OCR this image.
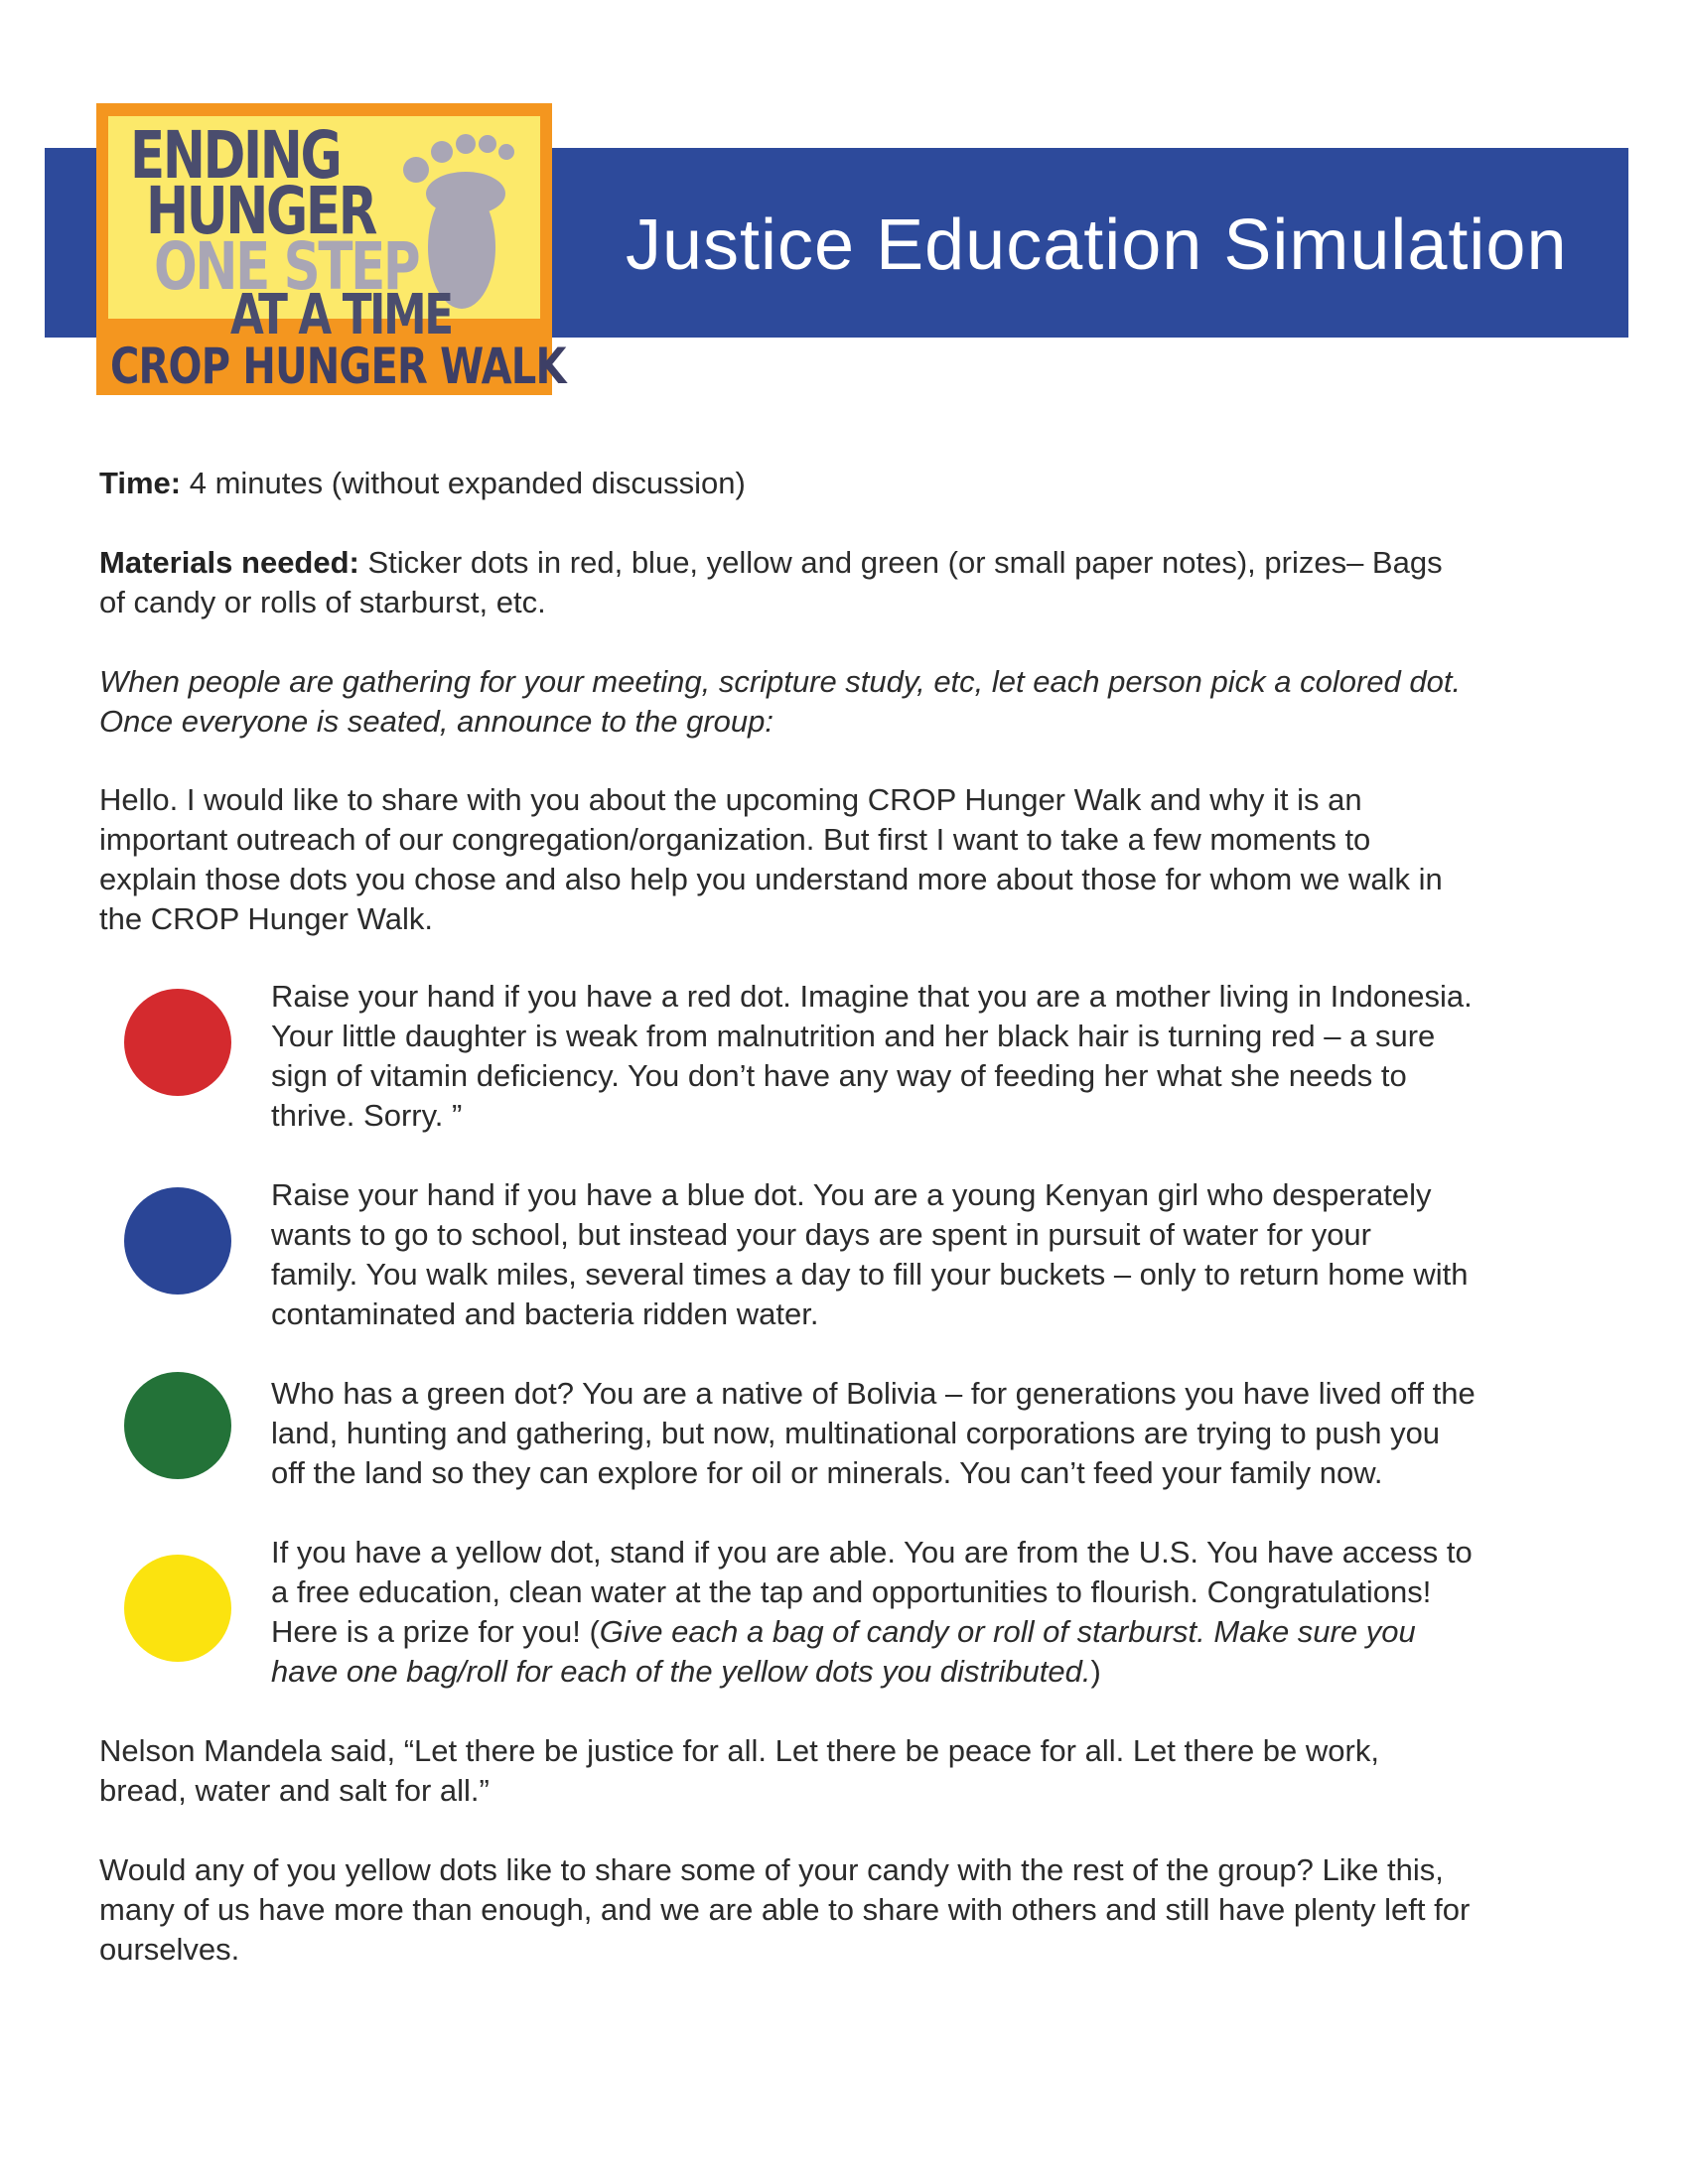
Justice Education Simulation
ENDING
HUNGER
ONE STEP
AT A TIME
CROP HUNGER WALK
Time: 4 minutes (without expanded discussion)
Materials needed: Sticker dots in red, blue, yellow and green (or small paper notes), prizes– Bags
of candy or rolls of starburst, etc.
When people are gathering for your meeting, scripture study, etc, let each person pick a colored dot.
Once everyone is seated, announce to the group:
Hello. I would like to share with you about the upcoming CROP Hunger Walk and why it is an
important outreach of our congregation/organization. But first I want to take a few moments to
explain those dots you chose and also help you understand more about those for whom we walk in
the CROP Hunger Walk.
Raise your hand if you have a red dot. Imagine that you are a mother living in Indonesia.
Your little daughter is weak from malnutrition and her black hair is turning red – a sure
sign of vitamin deficiency. You don’t have any way of feeding her what she needs to
thrive. Sorry. ”
Raise your hand if you have a blue dot. You are a young Kenyan girl who desperately
wants to go to school, but instead your days are spent in pursuit of water for your
family. You walk miles, several times a day to fill your buckets – only to return home with
contaminated and bacteria ridden water.
Who has a green dot? You are a native of Bolivia – for generations you have lived off the
land, hunting and gathering, but now, multinational corporations are trying to push you
off the land so they can explore for oil or minerals. You can’t feed your family now.
If you have a yellow dot, stand if you are able. You are from the U.S. You have access to
a free education, clean water at the tap and opportunities to flourish. Congratulations!
Here is a prize for you! (Give each a bag of candy or roll of starburst. Make sure you
have one bag/roll for each of the yellow dots you distributed.)
Nelson Mandela said, “Let there be justice for all. Let there be peace for all. Let there be work,
bread, water and salt for all.”
Would any of you yellow dots like to share some of your candy with the rest of the group? Like this,
many of us have more than enough, and we are able to share with others and still have plenty left for
ourselves.
